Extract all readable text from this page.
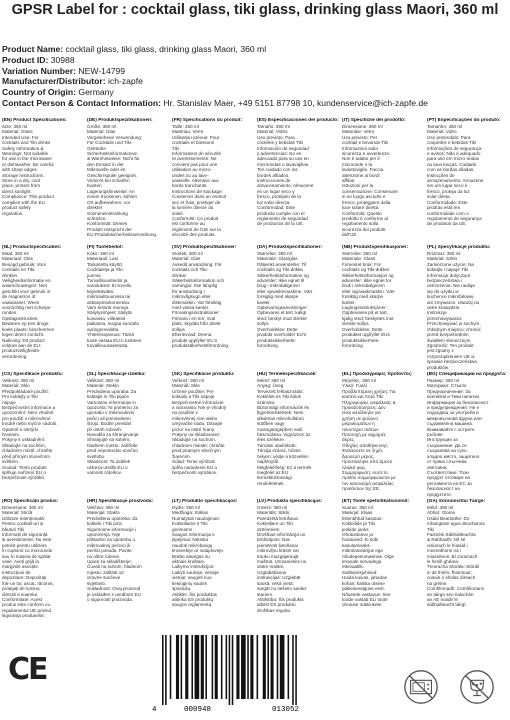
GPSR Label for : cocktail glass, tiki glass, drinking glass Maori, 360 ml
Product Name: cocktail glass, tiki glass, drinking glass Maori, 360 ml
Product ID: 30988
Variation Number: NEW-14799
Manufacturer/Distributor: ich-zapfe
Country of Origin: Germany
Contact Person & Contact Information: Hr. Stanislav Maer, +49 5151 87798 10, kundenservice@ich-zapfe.de
(EN) Product Specifications:
Size: 360 ml
Material: Glass
Intended Use: For
cocktails and Tiki drinks
Safety Information &
Warnings: Not suitable
for use in the microwave
or dishwasher. Be careful
with sharp edges.
Storage Instructions:
Store in a dry, cool
place, protect from
direct sunlight.
Compliance: This product
complies with the EU
product safety
regulation.
(DE) Produktspezifikationen:
Größe: 360 ml
Material: Glas
Vorgesehene Verwendung:
Für Cocktails und Tiki-
Getränke
Sicherheitsinformationen
& Warnhinweise: Nicht für
den Einsatz in der
Mikrowelle oder im
Geschirrspüler geeignet.
Vorsicht bei scharfen
Kanten.
Lagerungshinweise: An
einem trockenen, kühlen
Ort aufbewahren; vor
direkter
Sonneneinstrahlung
schützen.
Konformität: Dieses
Produkt entspricht der
EU-Produktsicherheitsverordnung.
(FR) Spécifications du produit:
Taille: 360 ml
Matériau: Verre
Utilisation prévue: Pour
cocktails et boissons
Tiki
Informations de sécurité
et avertissements: Ne
convient pas pour une
utilisation au micro-
ondes ou au lave-
vaisselle. Attention aux
bords tranchants.
Instructions de stockage:
Conserver dans un endroit
sec et frais, protéger de
la lumière directe du
soleil.
Conformité: Ce produit
est conforme au
règlement de l'UE sur la
sécurité des produits.
(ES) Especificaciones del producto:
Tamaño: 360 ml
Material: Vidrio
Uso previsto: Para
cócteles y bebidas Tiki
Información de seguridad
y advertencias: No es
adecuado para su uso en
microondas o lavavajillas.
Ten cuidado con los
bordes afilados.
Instrucciones de
almacenamiento: Almacene
en un lugar seco y
fresco, protéjalo de la
luz solar directa.
Conformidad: Este
producto cumple con el
reglamento de seguridad
de productos de la UE.
(IT) Specifiche del prodotto:
Dimensione: 360 ml
Materiale: Vetro
Uso previsto: Per
cocktail e bevande Tiki
Informazioni sulla
sicurezza e avvertenze:
Non è adatto per il
microonde o la
lavastoviglie. Faccia
attenzione ai bordi
affilati.
Istruzioni per la
conservazione: Conservare
in un luogo asciutto e
fresco, proteggere dalla
luce solare diretta.
Conformità: Questo
prodotto è conforme al
regolamento sulla
sicurezza dei prodotti
dell'UE.
(PT) Especificações do produto:
Tamanho: 360 ml
Material: Vidro
Uso pretendido: Para
coquetéis e bebidas Tiki
Informações de segurança
e avisos: Não é adequado
para uso em micro-ondas
ou lava-louças. Cuidado
com as bordas afiadas.
Instruções de
armazenamento: Armazene
em um lugar seco e
fresco, proteja da luz
solar direta.
Conformidade: Este
produto está em
conformidade com o
regulamento de segurança
de produtos da UE.
(NL) Productspecificaties:
Maat: 360 ml
Materiaal: Glas
Beoogd gebruik: Voor
cocktails en Tiki-
drinken
Veiligheidsinformatie en
waarschuwingen: Niet
geschikt voor gebruik in
de magnetron of
vaatwasser. Wees
voorzichtig met scherpe
randen.
Opslaginstructies:
Bewaren op een droge,
koele plaats; beschermen
tegen direct zonlicht.
Naleving: Dit product
voldoet aan de EU-
productveiligheids-
verordening.
(FI) Tuotetiedot:
Koko: 360 ml
Materiaali: Lasi
Tarkoitettu käyttö:
Cocktaileja ja Tiki-
juomia
Turvallisuustiedot ja
varoitukset: Ei sovellu
käytettäväksi
mikroaaltouunissa tai
astianpesukoneessa.
Varo teräviä reunoja.
Säilytysohjeet: Säilytä
kuivassa, viileässä
paikassa, suojaa suoralta
auringonvalolta.
Yhteensopivuus: Tämä
tuote vastaa EU:n tuotteen
turvallisuusasetusta.
(SV) Produktspecifikationer:
Storlek: 360 ml
Material: Glas
Avsedd användning: För
cocktails och Tiki-
drinkar
Säkerhetsinformation och
varningar: Inte lämplig
för användning i
mikrovågsugn eller
diskmaskin. Var försiktig
med vassa kanter.
Förvaringsinstruktioner:
Förvara i en torr, sval
plats, skydda från direkt
solljus.
Efterlevnad: Denna
produkt uppfyller EU:s
produktsäkerhetsförordning.
(DA) Produktspecifikationer:
Størrelse: 360 ml
Materiale: Glas/glas
Påtænkt anvendelse: Til
cocktails og Tiki-drikke
Sikkerhedsinformation og
advarsler: Ikke egnet til
brug i mikrobølgeovn
eller opvaskemaskine. Vær
forsigtig med skarpe
kanter.
Opbevaringsanvisninger:
Opbevares et tørt, køligt
sted; beskyt mod direkte
sollys.
Overholdelse: Dette
produkt overholder EU's
produktsikkerheds-
forordning.
(NB) Produktspesifikasjoner:
Størrelse: 360 ml
Materiale: Glass
Forventet bruk: For
cocktails og Tiki-drikker
Sikkerhetsinformasjon og
advarsler: Ikke egnet for
bruk i mikrobølgeovn
eller oppvaskmaskin. Vær
forsiktig med skarpe
kanter.
Lagringsinstruksjoner:
Oppbevares på et tørt,
kjølig sted; beskyttes mot
direkte sollys.
Overholdelse: Dette
produktet oppfyller EUs
produktsikkerhets-
forordning.
(PL) Specyfikacje produktu:
Rozmiar: 360 ml
Materiał: Szkło
Zamierzone użycie: Na
koktajle i napoje Tiki
Informacje dotyczące
bezpieczeństwa i
ostrzeżenia: Nie nadaje
się do użytku w
kuchence mikrofalowej
ani zmywarce. Uważaj na
ostre krawędzie.
Instrukcje
przechowywania:
Przechowywać w suchym,
chłodnym miejscu; chronić
przed bezpośrednim
światłem słonecznym.
Zgodność: Ten produkt
jest zgodny z
rozporządzeniem UE w
sprawie bezpieczeństwa
produktów.
(CS) Specifikace produktu:
Velikost: 360 ml
Materiál: Sklo
Předpokládané použití:
Pro koktejly a Tiki
nápoje
Bezpečnostní informace a
upozornění: Není vhodné
pro použití v mikrovlnné
troubě nebo myčce nádobí.
Opatrně s ostrými
hranami.
Pokyny k uskladnění:
Skladujte na suchém,
chladném místě; chraňte
před přímým slunečním
světlem.
Soulad: Tento produkt
splňuje nařízení EU o
bezpečnosti výrobků.
(SL) Specifikacije izdelka:
Velikost: 360 ml
Material: Steklo
Predvidena uporaba: Za
koktajle in Tiki pijače
Varnostne informacije in
opozorila: Ni primerno za
uporabo v mikrovalovni
pečici ali pomivalnem
stroju. Bodite previdni
pri ostrih robovih.
Navodila za shranjevanje:
Shranjujte na suhem,
hladnem mestu; zaščitite
pred neposredno sončno
svetlobo.
Skladnost: Ta izdelek
ustreza uredbi EU o
varnosti izdelkov.
(SK) Špecifikácie produktu:
Veľkosť: 360 ml
Materiál: Sklo
Určené použitie: Pre
koktaily a Tiki nápoje
Bezpečnostné informácie
a varovania: Nie je vhodný
na použitie v
mikrovlnnej rúre alebo
umývačke riadu. Dávajte
pozor na ostré hrany.
Pokyny na skladovanie:
Skladujte na suchom,
chladnom mieste; chráňte
pred priamym slnečným
žiarením.
Súlad: Tento výrobok
spĺňa nariadenie EÚ o
bezpečnosti výrobkov.
(HU) Termékspecifikációk:
Méret: 360 ml
Anyag: Üveg
Tervezett felhasználás:
Koktélok és Tiki italok
számára
Biztonsági információk és
figyelmeztetések: Nem
alkalmas mikrohullámú
sütőben vagy
mosogatógépben való
használatra. Vigyázzon az
éles szélekre.
Tárolási utasítások:
Tárolja száraz, hűvös
helyen; védje a közvetlen
napfénytől.
Megfelelőség: Ez a termék
megfelel az EU
termékbiztonsági
rendeletének.
(EL) Προδιαγραφές προϊόντος:
Μέγεθος: 360 ml
Υλικό: Γυαλί
Προβλεπόμενη χρήση: Για
κοκτέιλ και ποτά Tiki
Πληροφορίες ασφάλειας &
προειδοποιήσεις: Δεν
είναι κατάλληλο για
χρήση σε φούρνο
μικροκυμάτων ή
πλυντήριο πιάτων.
Προσοχή με αιχμηρές
άκρες.
Οδηγίες αποθήκευσης:
Φυλάσσετε σε ξηρό,
δροσερό μέρος,
προστατέψτε από άμεσο
ηλιακό φως.
Συμμόρφωση: Αυτό το
προϊόν συμμορφώνεται με
τον κανονισμό ασφαλείας
προϊόντων της ΕΕ.
(BG) Спецификации на продукта:
Размер: 360 ml
Материал: Стъкло
Предназначение: За
коктейли и Тики напитки
Информация за безопасност
и предупреждения: Не е
подходящ за употреба в
микровълнова фурна или
съдомиялна машина.
Внимавайте с острите
ръбове.
Инструкции за
съхранение: Да се
съхранява на сухо,
хладно място, защитено
от пряка слънчева
светлина.
Съответствие: Този
продукт отговаря на
регламента на ЕС за
безопасност на
продуктите.
(RO) Specificații produs:
Dimensiune: 360 ml
Material: Sticlă
Utilizare intenționată:
Pentru cocktail-uri și
băuturi Tiki
Informații de siguranță
și avertismente: Nu este
potrivit pentru utilizare
în cuptorul cu microunde
sau în mașina de spălat
vase. Aveți grijă la
marginile ascuțite.
Instrucțiuni de
depozitare: Depozitați
într-un loc uscat, răcoros,
protejați de lumina
directă a soarelui.
Conformitate: Acest
produs este conform cu
regulamentul UE privind
siguranța produselor.
(HR) Specifikacije proizvoda:
Veličina: 360 ml
Materijal: Staklo
Predviđena upotreba: Za
koktele i Tiki pića
Sigurnosne informacije i
upozorenja: Nije
prikladno za upotrebu u
mikrovalnoj pećnici ili
perilici posuđa. Pazite
na oštre rubove.
Upute za skladištenje:
Čuvati na suhom, hladnom
mjestu; zaštititi od
izravne sunčeve
svjetlosti.
Sukladnost: Ovaj proizvod
je usklađen s uredbom EU
o sigurnosti proizvoda.
(LT) Produkto specifikacijos:
Dydis: 360 ml
Medžiaga: Stiklas
Numatytas naudojimas:
Kokteiliams ir Tiki
gėrimams
Saugos informacija ir
įspėjimai: Netinka
naudoti mikrobangų
krosnelėje ar indaplovėje.
Būkite atsargūs su
aštriais kraštais.
Laikymo instrukcijos:
Laikyti sausoje, vėsioje
vietoje; saugoti nuo
tiesioginių saulės
spindulių.
Atitiktis: Šis produktas
atitinka ES produktų
saugos reglamentą.
(LV) Produkta specifikācijas:
Izmērs: 360 ml
Materiāls: Stikls
Paredzētā lietošana:
Kokteiļiem un Tiki
dzērieniem
Drošības informācija un
brīdinājumi: Nav
piemērots lietošanai
mikroviļņu krāsnī vai
trauku mazgājamajā
mašīnā. Uzmanieties no
asām malām.
Uzglabāšanas
instrukcijas: Uzglabāt
sausā, vēsā vietā;
sargāt no tiešiem saules
stariem.
Atbilstība: Šis produkts
atbilst ES produktu
drošības regulai.
(ET) Toote spetsifikatsioonid:
Suurus: 360 ml
Materjal: Klaas
Ettenähtud kasutus:
Kokteilide ja Tiki
jookide jaoks
Ohutusteave ja
hoiatused: Ei sobi
kasutamiseks
mikrolaineahjus ega
nõudepesumasinas. Olge
teravate servadega
ettevaatlik.
Säilitamisjuhised:
Hoida kuivas, jahedas
kohas; kaitsta otsese
päikesevalguse eest.
Nõuetele vastavus: See
toode vastab ELi toote
ohutuse määrusele.
(GA) Sonraíochtaí Táirge:
Méid: 360 ml
Ábhar: Gloine
Úsáid Beartaithe: Do
mhanglaim agus deochanna
Tiki
Faisnéis Sábháilteachta
& Rabhaidh: Níl sé
oiriúnach le húsáid i
micreathonn ná i
miasniteoir. Bí cúramach
le himill ghéara.
Treoracha Stórála: Stóráil
in áit thirim, fhionnuar;
cosain ó sholas díreach
na gréine.
Comhlíonadh: Comhlíonann
an táirge seo rialachán
an AE maidir le
sábháilteacht táirgí.
CE
4	000948	013052
